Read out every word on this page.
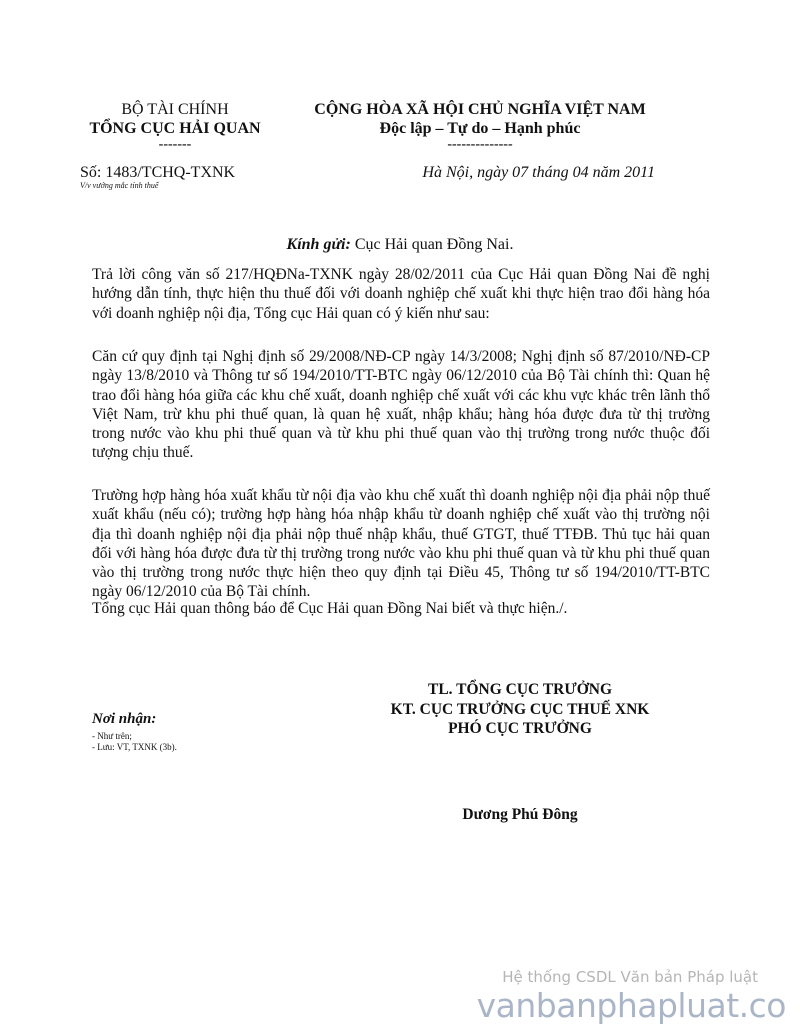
BỘ TÀI CHÍNH
TỔNG CỤC HẢI QUAN
-------
CỘNG HÒA XÃ HỘI CHỦ NGHĨA VIỆT NAM
Độc lập – Tự do – Hạnh phúc
--------------
Số: 1483/TCHQ-TXNK
V/v vướng mắc tính thuế
Hà Nội, ngày 07 tháng 04 năm 2011
Kính gửi: Cục Hải quan Đồng Nai.
Trả lời công văn số 217/HQĐNa-TXNK ngày 28/02/2011 của Cục Hải quan Đồng Nai đề nghị hướng dẫn tính, thực hiện thu thuế đối với doanh nghiệp chế xuất khi thực hiện trao đổi hàng hóa với doanh nghiệp nội địa, Tổng cục Hải quan có ý kiến như sau:
Căn cứ quy định tại Nghị định số 29/2008/NĐ-CP ngày 14/3/2008; Nghị định số 87/2010/NĐ-CP ngày 13/8/2010 và Thông tư số 194/2010/TT-BTC ngày 06/12/2010 của Bộ Tài chính thì: Quan hệ trao đổi hàng hóa giữa các khu chế xuất, doanh nghiệp chế xuất với các khu vực khác trên lãnh thổ Việt Nam, trừ khu phi thuế quan, là quan hệ xuất, nhập khẩu; hàng hóa được đưa từ thị trường trong nước vào khu phi thuế quan và từ khu phi thuế quan vào thị trường trong nước thuộc đối tượng chịu thuế.
Trường hợp hàng hóa xuất khẩu từ nội địa vào khu chế xuất thì doanh nghiệp nội địa phải nộp thuế xuất khẩu (nếu có); trường hợp hàng hóa nhập khẩu từ doanh nghiệp chế xuất vào thị trường nội địa thì doanh nghiệp nội địa phải nộp thuế nhập khẩu, thuế GTGT, thuế TTĐB. Thủ tục hải quan đối với hàng hóa được đưa từ thị trường trong nước vào khu phi thuế quan và từ khu phi thuế quan vào thị trường trong nước thực hiện theo quy định tại Điều 45, Thông tư số 194/2010/TT-BTC ngày 06/12/2010 của Bộ Tài chính.
Tổng cục Hải quan thông báo để Cục Hải quan Đồng Nai biết và thực hiện./.
TL. TỔNG CỤC TRƯỞNG
KT. CỤC TRƯỞNG CỤC THUẾ XNK
PHÓ CỤC TRƯỞNG
Dương Phú Đông
Nơi nhận:
- Như trên;
- Lưu: VT, TXNK (3b).
Hệ thống CSDL Văn bản Pháp luật
vanbanphapluat.co
